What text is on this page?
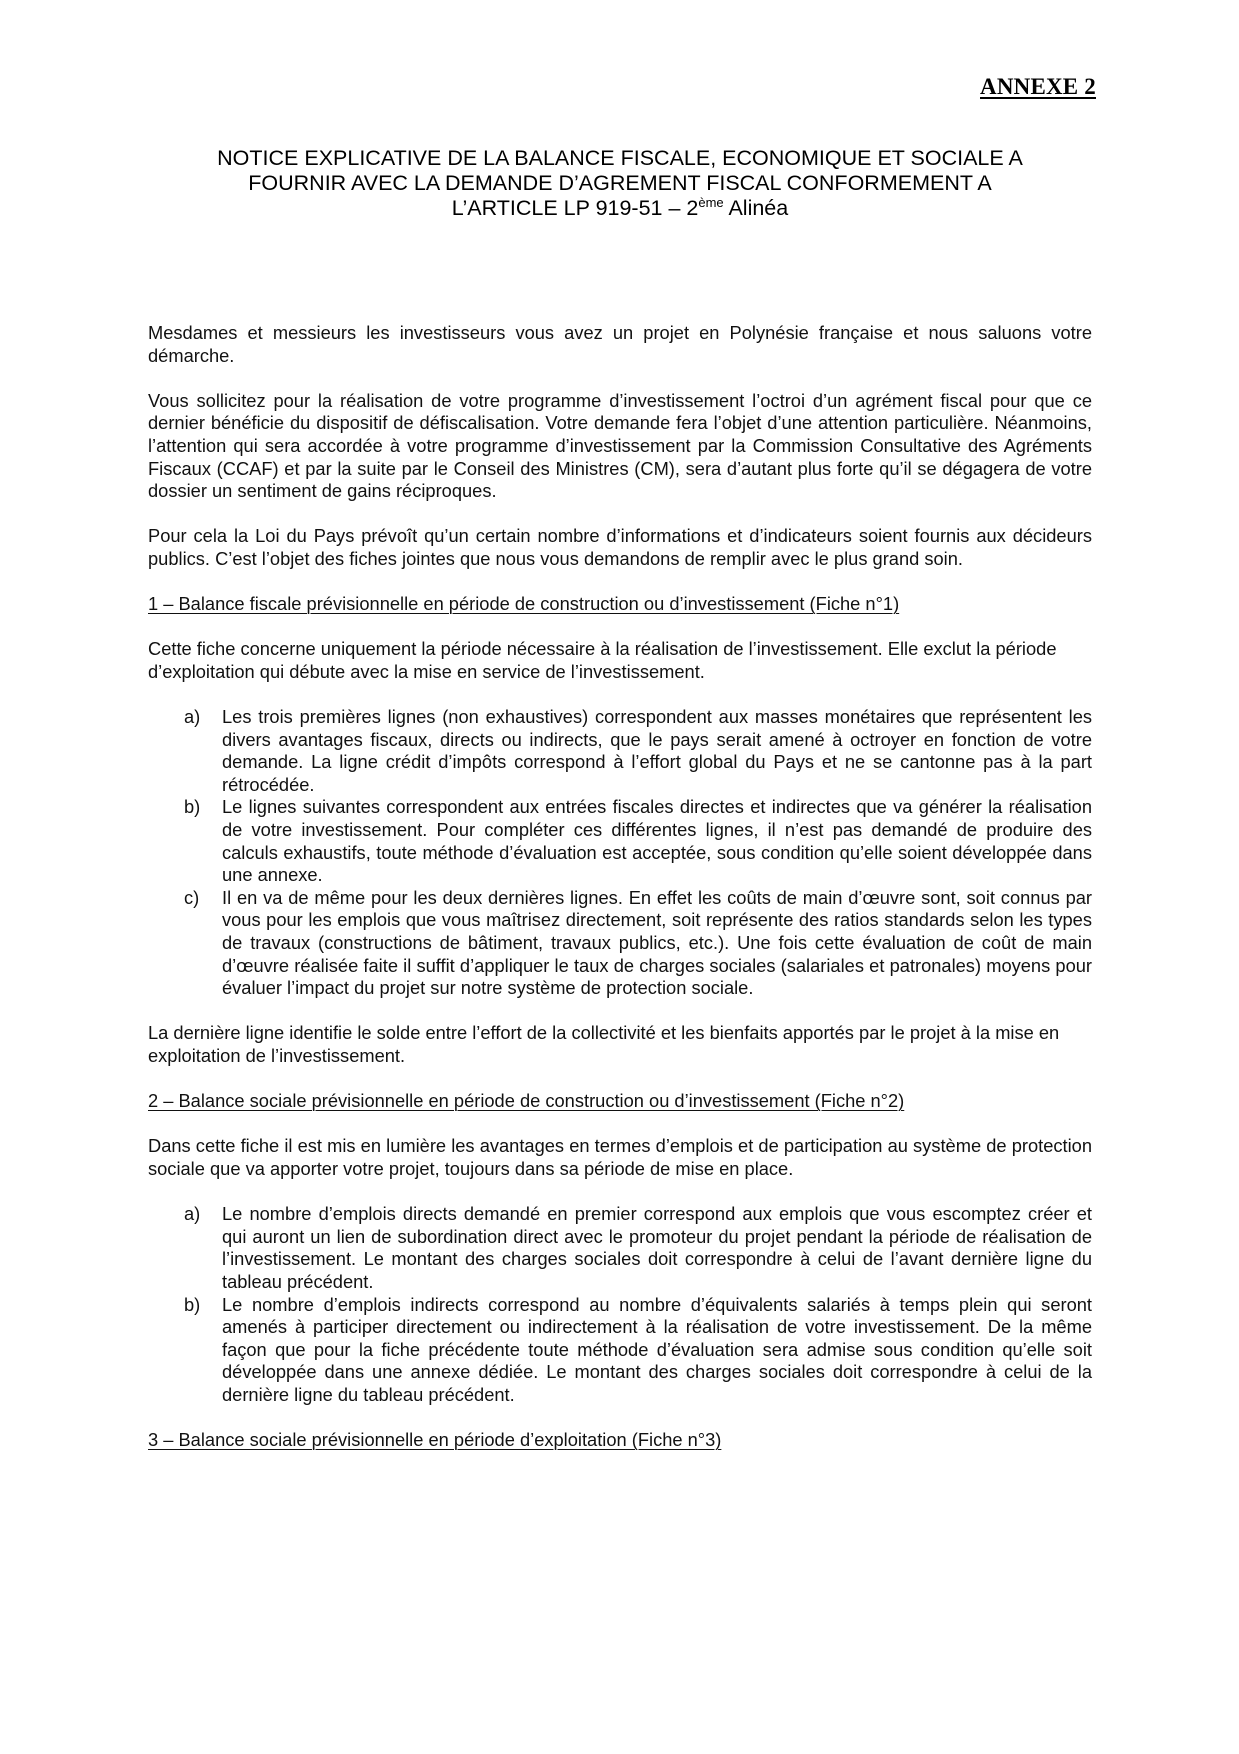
ANNEXE 2
NOTICE EXPLICATIVE DE LA BALANCE FISCALE, ECONOMIQUE ET SOCIALE A
FOURNIR AVEC LA DEMANDE D’AGREMENT FISCAL CONFORMEMENT A
L’ARTICLE LP 919-51 – 2ème Alinéa

Mesdames et messieurs les investisseurs vous avez un projet en Polynésie française et nous saluons votre démarche.

Vous sollicitez pour la réalisation de votre programme d’investissement l’octroi d’un agrément fiscal pour que ce dernier bénéficie du dispositif de défiscalisation. Votre demande fera l’objet d’une attention particulière. Néanmoins, l’attention qui sera accordée à votre programme d’investissement par la Commission Consultative des Agréments Fiscaux (CCAF) et par la suite par le Conseil des Ministres (CM), sera d’autant plus forte qu’il se dégagera de votre dossier un sentiment de gains réciproques.

Pour cela la Loi du Pays prévoît qu’un certain nombre d’informations et d’indicateurs soient fournis aux décideurs publics. C’est l’objet des fiches jointes que nous vous demandons de remplir avec le plus grand soin.

1 – Balance fiscale prévisionnelle en période de construction ou d’investissement (Fiche n°1)

Cette fiche concerne uniquement la période nécessaire à la réalisation de l’investissement. Elle exclut la période d’exploitation qui débute avec la mise en service de l’investissement.

a) Les trois premières lignes (non exhaustives) correspondent aux masses monétaires que représentent les divers avantages fiscaux, directs ou indirects, que le pays serait amené à octroyer en fonction de votre demande. La ligne crédit d’impôts correspond à l’effort global du Pays et ne se cantonne pas à la part rétrocédée.
b) Le lignes suivantes correspondent aux entrées fiscales directes et indirectes que va générer la réalisation de votre investissement. Pour compléter ces différentes lignes, il n’est pas demandé de produire des calculs exhaustifs, toute méthode d’évaluation est acceptée, sous condition qu’elle soient développée dans une annexe.
c) Il en va de même pour les deux dernières lignes. En effet les coûts de main d’œuvre sont, soit connus par vous pour les emplois que vous maîtrisez directement, soit représente des ratios standards selon les types de travaux (constructions de bâtiment, travaux publics, etc.). Une fois cette évaluation de coût de main d’œuvre réalisée faite il suffit d’appliquer le taux de charges sociales (salariales et patronales) moyens pour évaluer l’impact du projet sur notre système de protection sociale.

La dernière ligne identifie le solde entre l’effort de la collectivité et les bienfaits apportés par le projet à la mise en exploitation de l’investissement.

2 – Balance sociale prévisionnelle en période de construction ou d’investissement (Fiche n°2)

Dans cette fiche il est mis en lumière les avantages en termes d’emplois et de participation au système de protection sociale que va apporter votre projet, toujours dans sa période de mise en place.

a) Le nombre d’emplois directs demandé en premier correspond aux emplois que vous escomptez créer et qui auront un lien de subordination direct avec le promoteur du projet pendant la période de réalisation de l’investissement. Le montant des charges sociales doit correspondre à celui de l’avant dernière ligne du tableau précédent.
b) Le nombre d’emplois indirects correspond au nombre d’équivalents salariés à temps plein qui seront amenés à participer directement ou indirectement à la réalisation de votre investissement. De la même façon que pour la fiche précédente toute méthode d’évaluation sera admise sous condition qu’elle soit développée dans une annexe dédiée. Le montant des charges sociales doit correspondre à celui de la dernière ligne du tableau précédent.
3 – Balance sociale prévisionnelle en période d’exploitation (Fiche n°3)
